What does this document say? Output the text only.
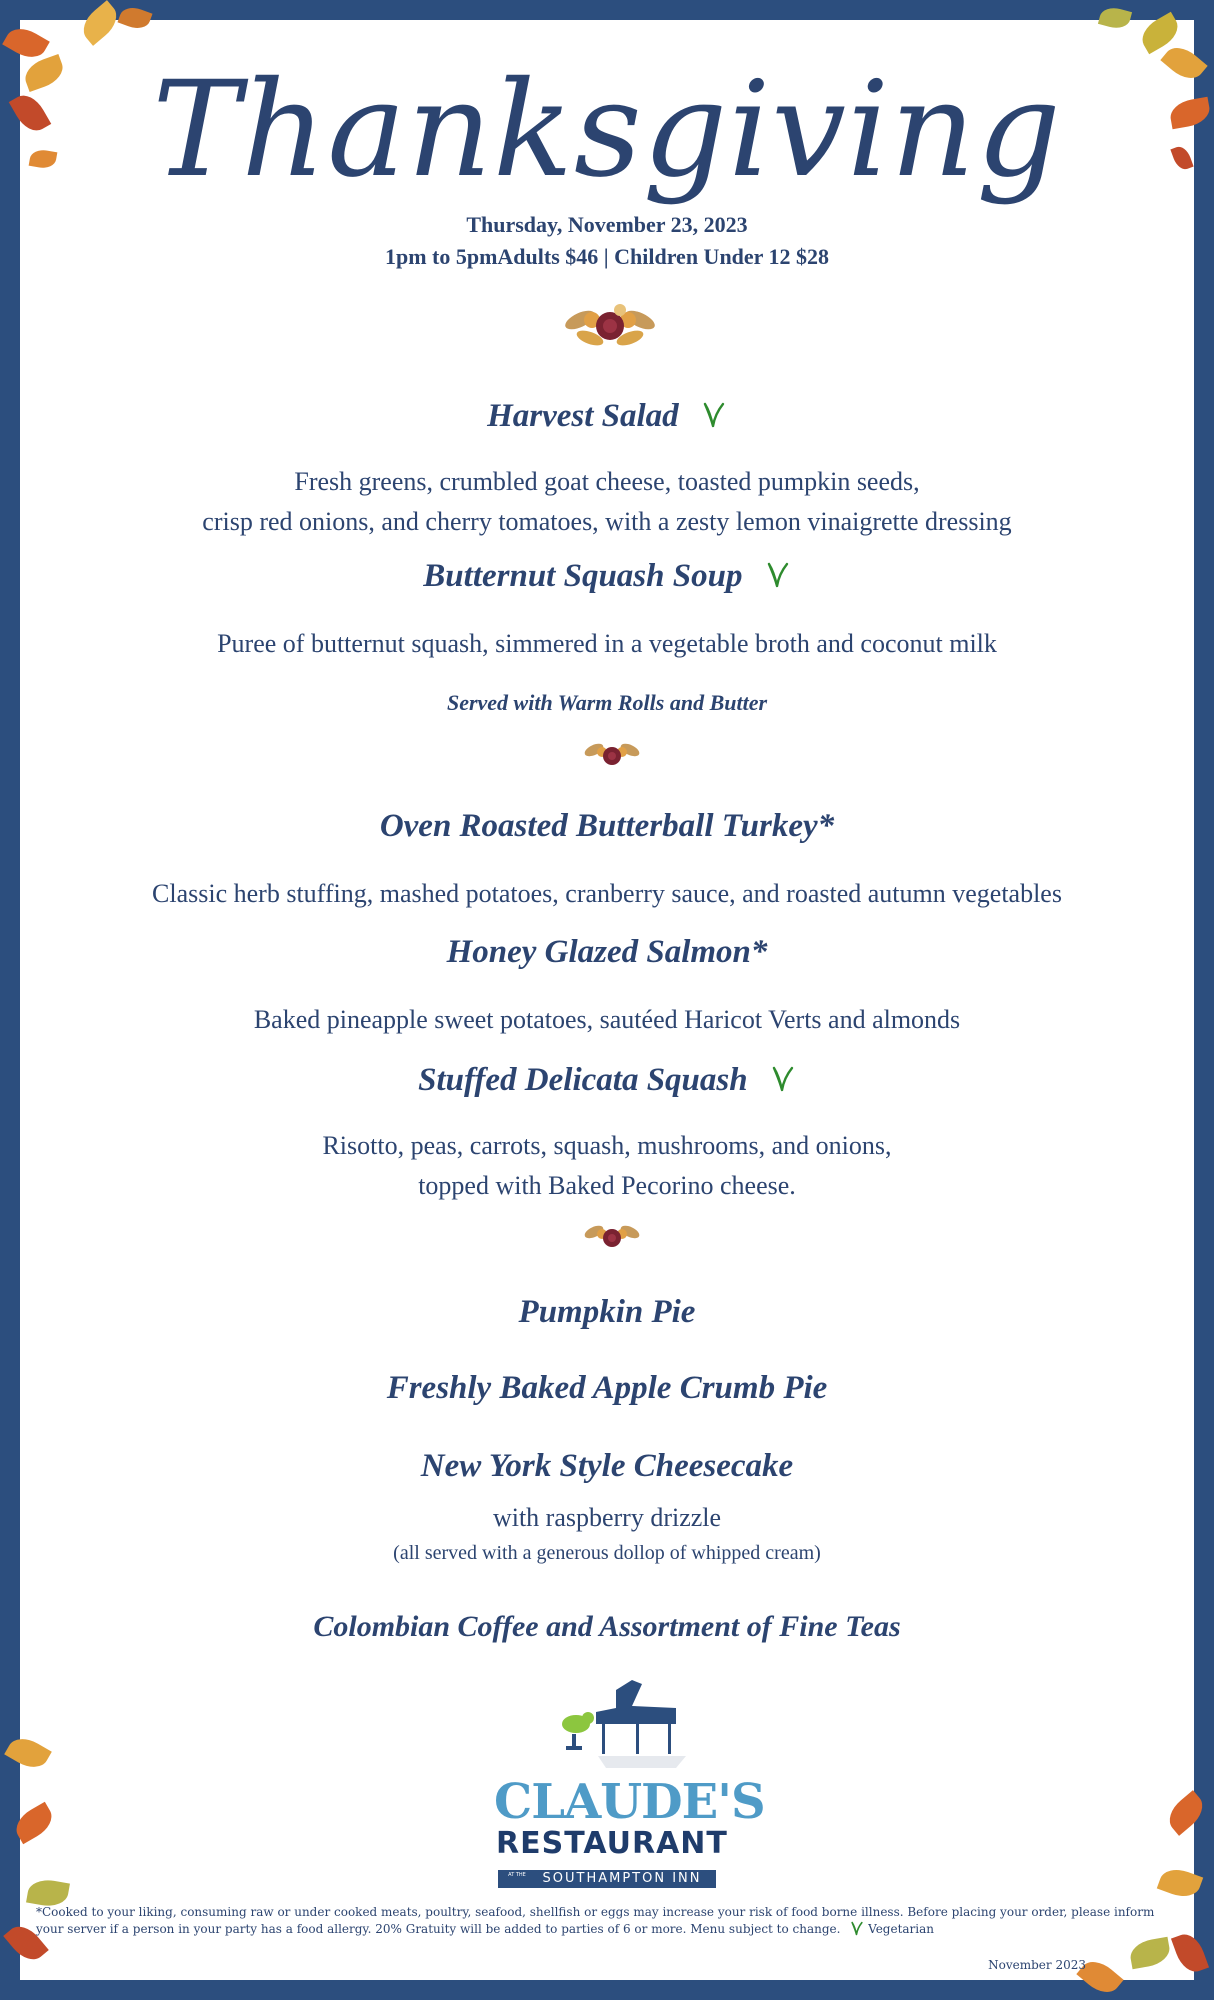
Thanksgiving
Thursday, November 23, 2023
1pm to 5pmAdults $46 | Children Under 12 $28
Harvest Salad
Fresh greens, crumbled goat cheese, toasted pumpkin seeds,
crisp red onions, and cherry tomatoes, with a zesty lemon vinaigrette dressing
Butternut Squash Soup
Puree of butternut squash, simmered in a vegetable broth and coconut milk
Served with Warm Rolls and Butter
Oven Roasted Butterball Turkey*
Classic herb stuffing, mashed potatoes, cranberry sauce, and roasted autumn vegetables
Honey Glazed Salmon*
Baked pineapple sweet potatoes, sautéed Haricot Verts and almonds
Stuffed Delicata Squash
Risotto, peas, carrots, squash, mushrooms, and onions,
topped with Baked Pecorino cheese.
Pumpkin Pie
Freshly Baked Apple Crumb Pie
New York Style Cheesecake
with raspberry drizzle
(all served with a generous dollop of whipped cream)
Colombian Coffee and Assortment of Fine Teas
CLAUDE'S
RESTAURANT
SOUTHAMPTON INN
AT THE
*Cooked to your liking, consuming raw or under cooked meats, poultry, seafood, shellfish or eggs may increase your risk of food borne illness. Before placing your order, please inform your server if a person in your party has a food allergy. 20% Gratuity will be added to parties of 6 or more. Menu subject to change. Vegetarian
November 2023
